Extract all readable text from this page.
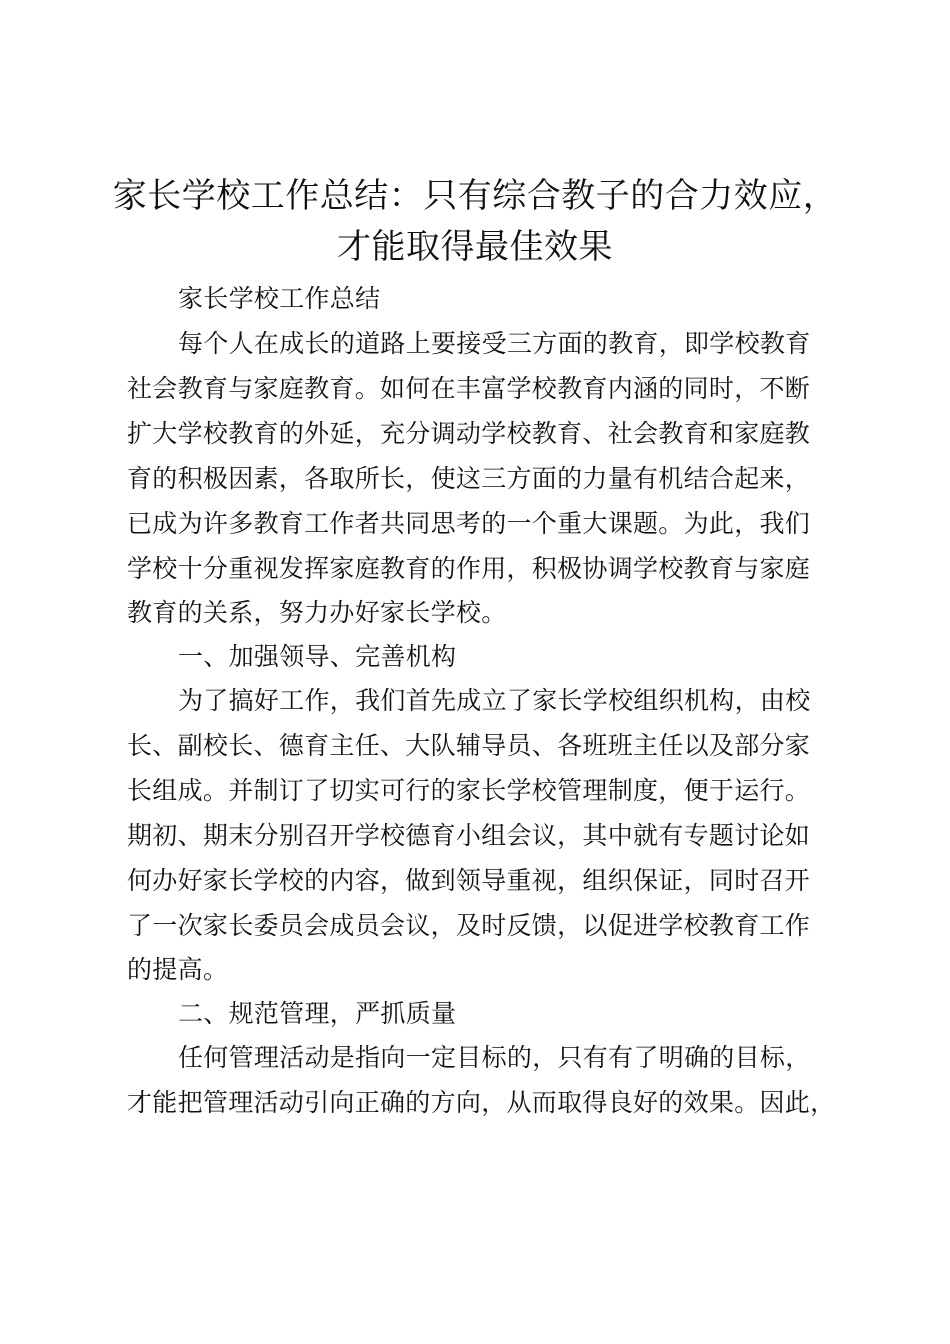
家长学校工作总结：只有综合教子的合力效应，
才能取得最佳效果
家长学校工作总结
每个人在成长的道路上要接受三方面的教育，即学校教育
社会教育与家庭教育。如何在丰富学校教育内涵的同时，不断
扩大学校教育的外延，充分调动学校教育、社会教育和家庭教
育的积极因素，各取所长，使这三方面的力量有机结合起来，
已成为许多教育工作者共同思考的一个重大课题。为此，我们
学校十分重视发挥家庭教育的作用，积极协调学校教育与家庭
教育的关系，努力办好家长学校。
一、加强领导、完善机构
为了搞好工作，我们首先成立了家长学校组织机构，由校
长、副校长、德育主任、大队辅导员、各班班主任以及部分家
长组成。并制订了切实可行的家长学校管理制度，便于运行。
期初、期末分别召开学校德育小组会议，其中就有专题讨论如
何办好家长学校的内容，做到领导重视，组织保证，同时召开
了一次家长委员会成员会议，及时反馈，以促进学校教育工作
的提高。
二、规范管理，严抓质量
任何管理活动是指向一定目标的，只有有了明确的目标，
才能把管理活动引向正确的方向，从而取得良好的效果。因此，
